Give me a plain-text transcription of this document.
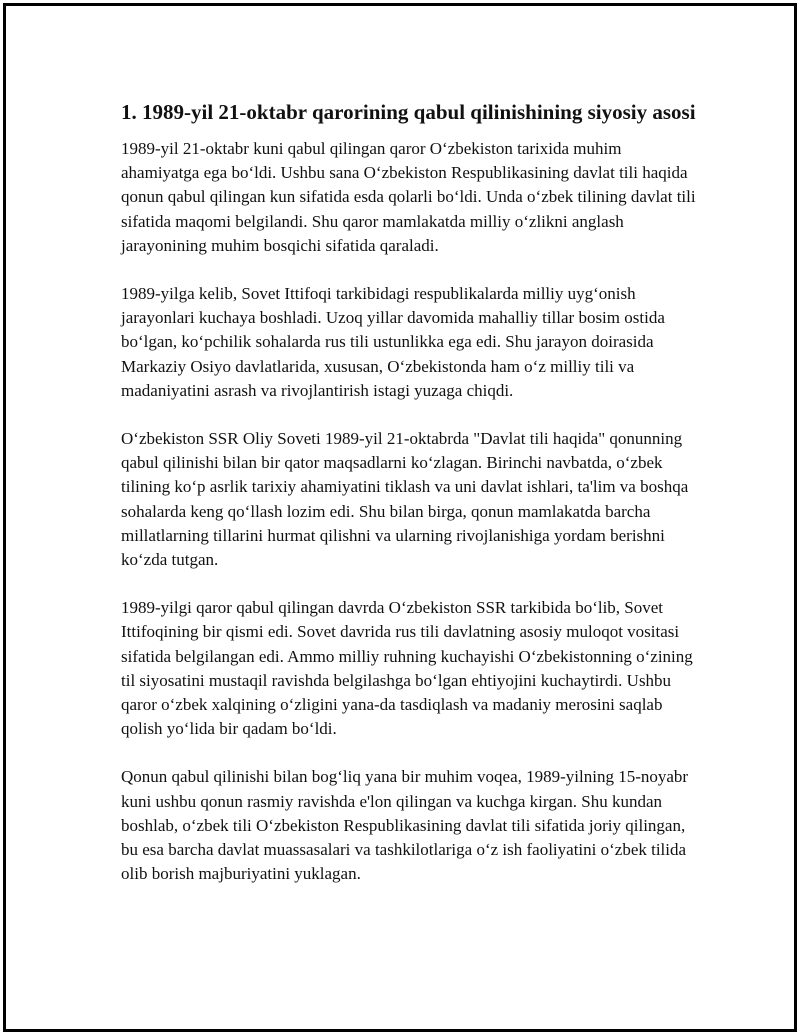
1. 1989-yil 21-oktabr qarorining qabul qilinishining siyosiy asosi

1989-yil 21-oktabr kuni qabul qilingan qaror O‘zbekiston tarixida muhim ahamiyatga ega bo‘ldi. Ushbu sana O‘zbekiston Respublikasining davlat tili haqida qonun qabul qilingan kun sifatida esda qolarli bo‘ldi. Unda o‘zbek tilining davlat tili sifatida maqomi belgilandi. Shu qaror mamlakatda milliy o‘zlikni anglash jarayonining muhim bosqichi sifatida qaraladi.

1989-yilga kelib, Sovet Ittifoqi tarkibidagi respublikalarda milliy uyg‘onish jarayonlari kuchaya boshladi. Uzoq yillar davomida mahalliy tillar bosim ostida bo‘lgan, ko‘pchilik sohalarda rus tili ustunlikka ega edi. Shu jarayon doirasida Markaziy Osiyo davlatlarida, xususan, O‘zbekistonda ham o‘z milliy tili va madaniyatini asrash va rivojlantirish istagi yuzaga chiqdi.

O‘zbekiston SSR Oliy Soveti 1989-yil 21-oktabrda "Davlat tili haqida" qonunning qabul qilinishi bilan bir qator maqsadlarni ko‘zlagan. Birinchi navbatda, o‘zbek tilining ko‘p asrlik tarixiy ahamiyatini tiklash va uni davlat ishlari, ta'lim va boshqa sohalarda keng qo‘llash lozim edi. Shu bilan birga, qonun mamlakatda barcha millatlarning tillarini hurmat qilishni va ularning rivojlanishiga yordam berishni ko‘zda tutgan.

1989-yilgi qaror qabul qilingan davrda O‘zbekiston SSR tarkibida bo‘lib, Sovet Ittifoqining bir qismi edi. Sovet davrida rus tili davlatning asosiy muloqot vositasi sifatida belgilangan edi. Ammo milliy ruhning kuchayishi O‘zbekistonning o‘zining til siyosatini mustaqil ravishda belgilashga bo‘lgan ehtiyojini kuchaytirdi. Ushbu qaror o‘zbek xalqining o‘zligini yana-da tasdiqlash va madaniy merosini saqlab qolish yo‘lida bir qadam bo‘ldi.

Qonun qabul qilinishi bilan bog‘liq yana bir muhim voqea, 1989-yilning 15-noyabr kuni ushbu qonun rasmiy ravishda e'lon qilingan va kuchga kirgan. Shu kundan boshlab, o‘zbek tili O‘zbekiston Respublikasining davlat tili sifatida joriy qilingan, bu esa barcha davlat muassasalari va tashkilotlariga o‘z ish faoliyatini o‘zbek tilida olib borish majburiyatini yuklagan.
